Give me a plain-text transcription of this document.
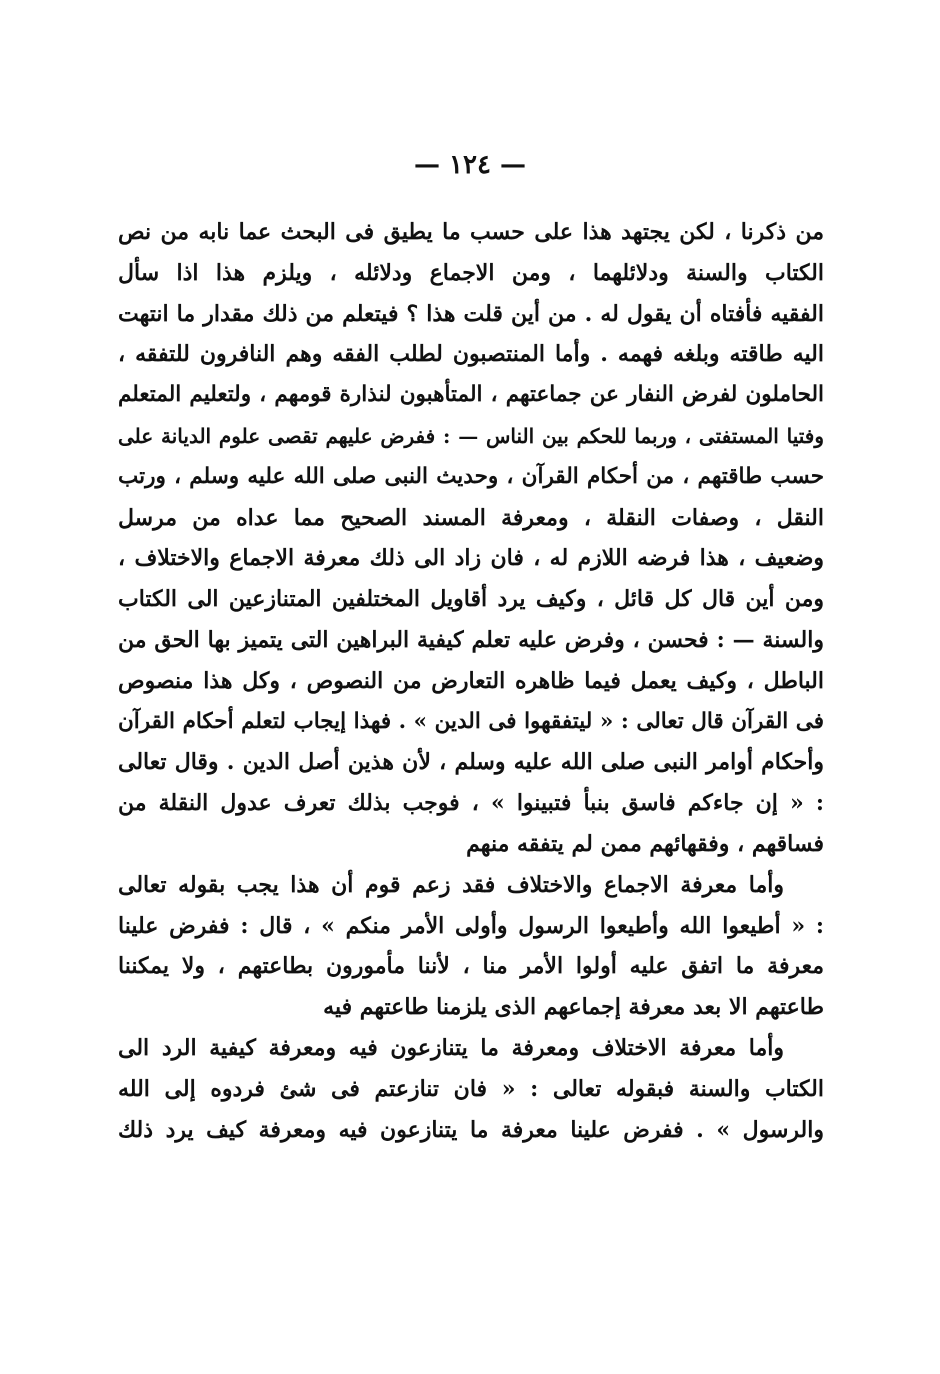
— ١٢٤ —
من ذكرنا ، لكن يجتهد هذا على حسب ما يطيق فى البحث عما نابه من نص
الكتاب والسنة ودلائلهما ، ومن الاجماع ودلائله ، ويلزم هذا اذا سأل
الفقيه فأفتاه أن يقول له . من أين قلت هذا ؟ فيتعلم من ذلك مقدار ما انتهت
اليه طاقته وبلغه فهمه . وأما المنتصبون لطلب الفقه وهم النافرون للتفقه ،
الحاملون لفرض النفار عن جماعتهم ، المتأهبون لنذارة قومهم ، ولتعليم المتعلم
وفتيا المستفتى ، وربما للحكم بين الناس — : ففرض عليهم تقصى علوم الديانة على
حسب طاقتهم ، من أحكام القرآن ، وحديث النبى صلى الله عليه وسلم ، ورتب
النقل ، وصفات النقلة ، ومعرفة المسند الصحيح مما عداه من مرسل
وضعيف ، هذا فرضه اللازم له ، فان زاد الى ذلك معرفة الاجماع والاختلاف ،
ومن أين قال كل قائل ، وكيف يرد أقاويل المختلفين المتنازعين الى الكتاب
والسنة — : فحسن ، وفرض عليه تعلم كيفية البراهين التى يتميز بها الحق من
الباطل ، وكيف يعمل فيما ظاهره التعارض من النصوص ، وكل هذا منصوص
فى القرآن قال تعالى : « ليتفقهوا فى الدين » . فهذا إيجاب لتعلم أحكام القرآن
وأحكام أوامر النبى صلى الله عليه وسلم ، لأن هذين أصل الدين . وقال تعالى
: « إن جاءكم فاسق بنبأ فتبينوا » ، فوجب بذلك تعرف عدول النقلة من
فساقهم ، وفقهائهم ممن لم يتفقه منهم
وأما معرفة الاجماع والاختلاف فقد زعم قوم أن هذا يجب بقوله تعالى
: « أطيعوا الله وأطيعوا الرسول وأولى الأمر منكم » ، قال : ففرض علينا
معرفة ما اتفق عليه أولوا الأمر منا ، لأننا مأمورون بطاعتهم ، ولا يمكننا
طاعتهم الا بعد معرفة إجماعهم الذى يلزمنا طاعتهم فيه
وأما معرفة الاختلاف ومعرفة ما يتنازعون فيه ومعرفة كيفية الرد الى
الكتاب والسنة فبقوله تعالى : « فان تنازعتم فى شئ فردوه إلى الله
والرسول » . ففرض علينا معرفة ما يتنازعون فيه ومعرفة كيف يرد ذلك
